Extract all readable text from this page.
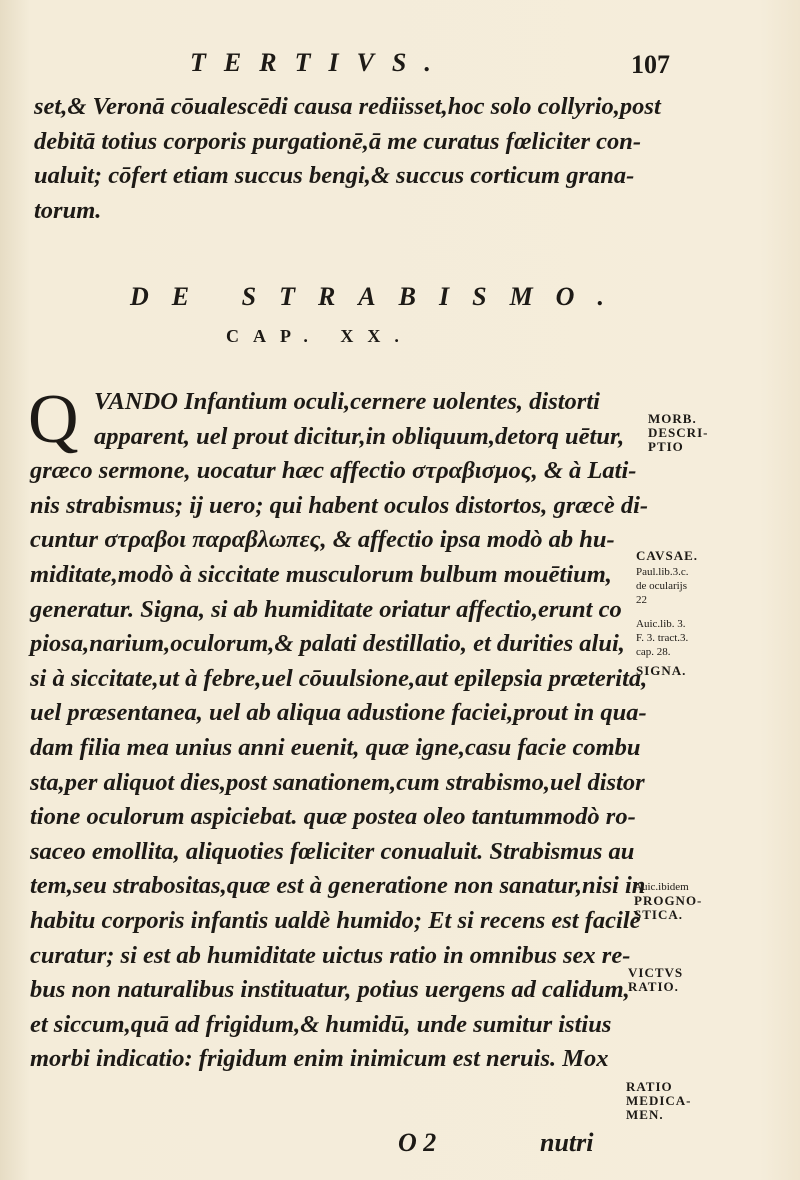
TERTIVS.	107
set,& Veronā cōualescēdi causa rediisset,hoc solo collyrio,post
debitā totius corporis purgationē,ā me curatus fœliciter con-
ualuit; cōfert etiam succus bengi,& succus corticum grana-
torum.
DE STRABISMO.
CAP. XX.
Q VANDO Infantium oculi,cernere uolentes, distorti
apparent, uel prout dicitur,in obliquum,detorq uētur,
græco sermone, uocatur hæc affectio στραβισμος, & à Lati-
nis strabismus; ij uero; qui habent oculos distortos, græcè di-
cuntur στραβοι παραβλωπες, & affectio ipsa modò ab hu-
miditate,modò à siccitate musculorum bulbum mouētium,
generatur. Signa, si ab humiditate oriatur affectio,erunt co
piosa,narium,oculorum,& palati destillatio, et durities alui,
si à siccitate,ut à febre,uel cōuulsione,aut epilepsia præterita,
uel præsentanea, uel ab aliqua adustione faciei,prout in qua-
dam filia mea unius anni euenit, quæ igne,casu facie combu
sta,per aliquot dies,post sanationem,cum strabismo,uel distor
tione oculorum aspiciebat. quæ postea oleo tantummodò ro-
saceo emollita, aliquoties fœliciter conualuit. Strabismus au
tem,seu strabositas,quæ est à generatione non sanatur,nisi in
habitu corporis infantis ualdè humido; Et si recens est facilè
curatur; si est ab humiditate uictus ratio in omnibus sex re-
bus non naturalibus instituatur, potius uergens ad calidum,
et siccum,quā ad frigidum,& humidū, unde sumitur istius
morbi indicatio: frigidum enim inimicum est neruis. Mox
O 2	nutri
MORB.
DESCRI-
PTIO
CAVSAE.
Paul.lib.3.c.
de ocularijs
22
Auic.lib. 3.
F. 3. tract.3.
cap. 28.
SIGNA.
Auic.ibidem
PROGNO-
STICA.
VICTVS
RATIO.
RATIO
MEDICA-
MEN.
